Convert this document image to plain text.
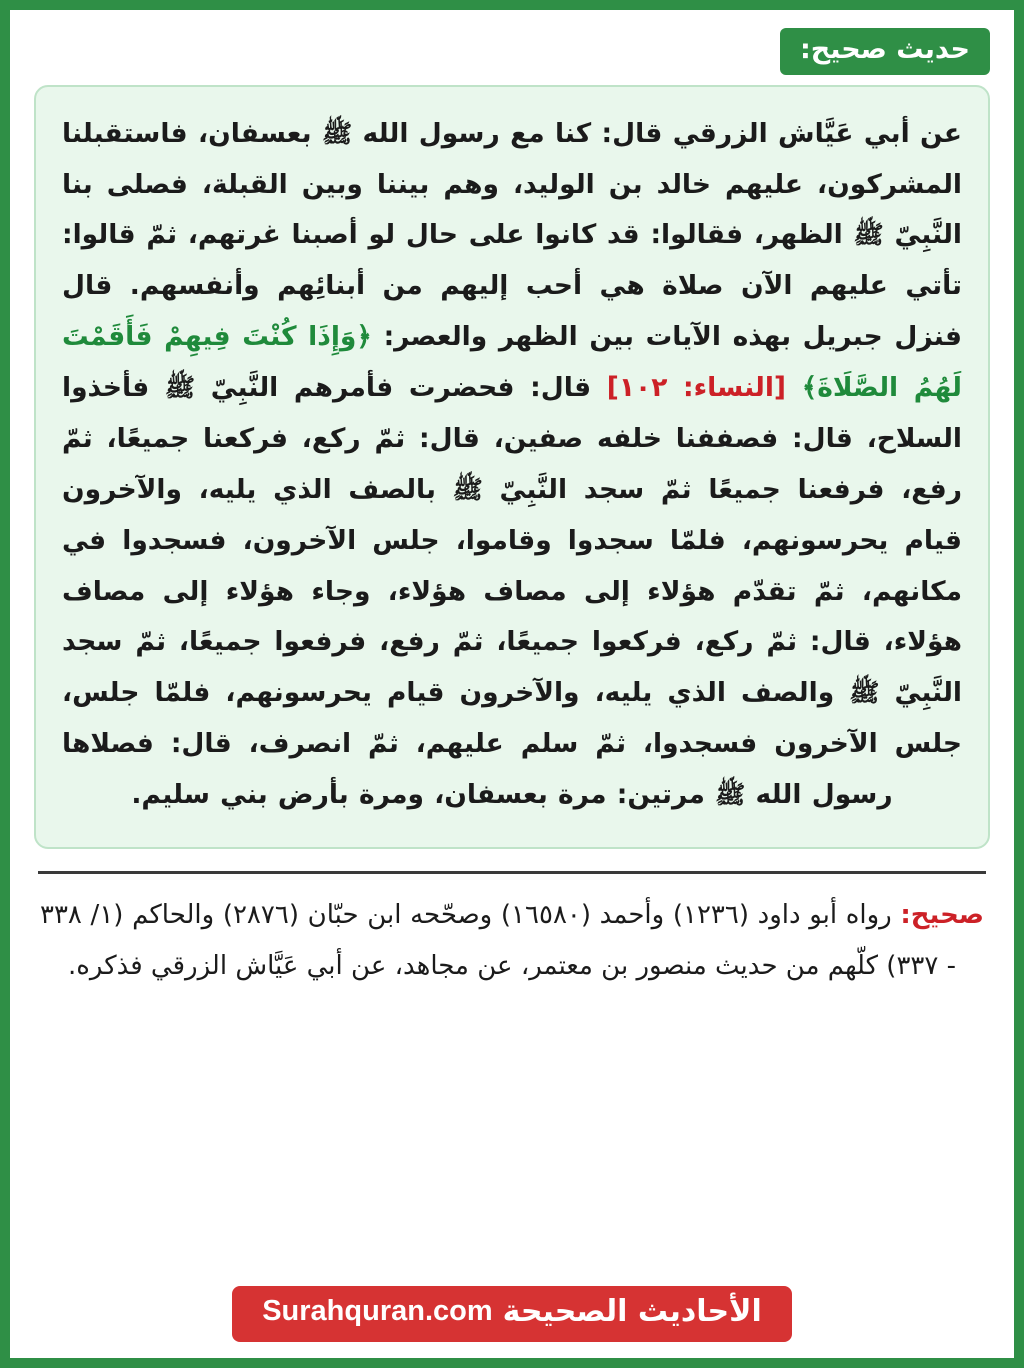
حديث صحيح:
عن أبي عَيَّاش الزرقي قال: كنا مع رسول الله ﷺ بعسفان، فاستقبلنا المشركون، عليهم خالد بن الوليد، وهم بيننا وبين القبلة، فصلى بنا النَّبِيّ ﷺ الظهر، فقالوا: قد كانوا على حال لو أصبنا غرتهم، ثمّ قالوا: تأتي عليهم الآن صلاة هي أحب إليهم من أبنائِهم وأنفسهم. قال فنزل جبريل بهذه الآيات بين الظهر والعصر: ﴿وَإِذَا كُنْتَ فِيهِمْ فَأَقَمْتَ لَهُمُ الصَّلَاةَ﴾ [النساء: ١٠٢] قال: فحضرت فأمرهم النَّبِيّ ﷺ فأخذوا السلاح، قال: فصففنا خلفه صفين، قال: ثمّ ركع، فركعنا جميعًا، ثمّ رفع، فرفعنا جميعًا ثمّ سجد النَّبِيّ ﷺ بالصف الذي يليه، والآخرون قيام يحرسونهم، فلمّا سجدوا وقاموا، جلس الآخرون، فسجدوا في مكانهم، ثمّ تقدّم هؤلاء إلى مصاف هؤلاء، وجاء هؤلاء إلى مصاف هؤلاء، قال: ثمّ ركع، فركعوا جميعًا، ثمّ رفع، فرفعوا جميعًا، ثمّ سجد النَّبِيّ ﷺ والصف الذي يليه، والآخرون قيام يحرسونهم، فلمّا جلس، جلس الآخرون فسجدوا، ثمّ سلم عليهم، ثمّ انصرف، قال: فصلاها رسول الله ﷺ مرتين: مرة بعسفان، ومرة بأرض بني سليم.
صحيح: رواه أبو داود (١٢٣٦) وأحمد (١٦٥٨٠) وصحّحه ابن حبّان (٢٨٧٦) والحاكم (١/ ٣٣٨ - ٣٣٧) كلّهم من حديث منصور بن معتمر، عن مجاهد، عن أبي عَيَّاش الزرقي فذكره.
الأحاديث الصحيحة
Surahquran.com
